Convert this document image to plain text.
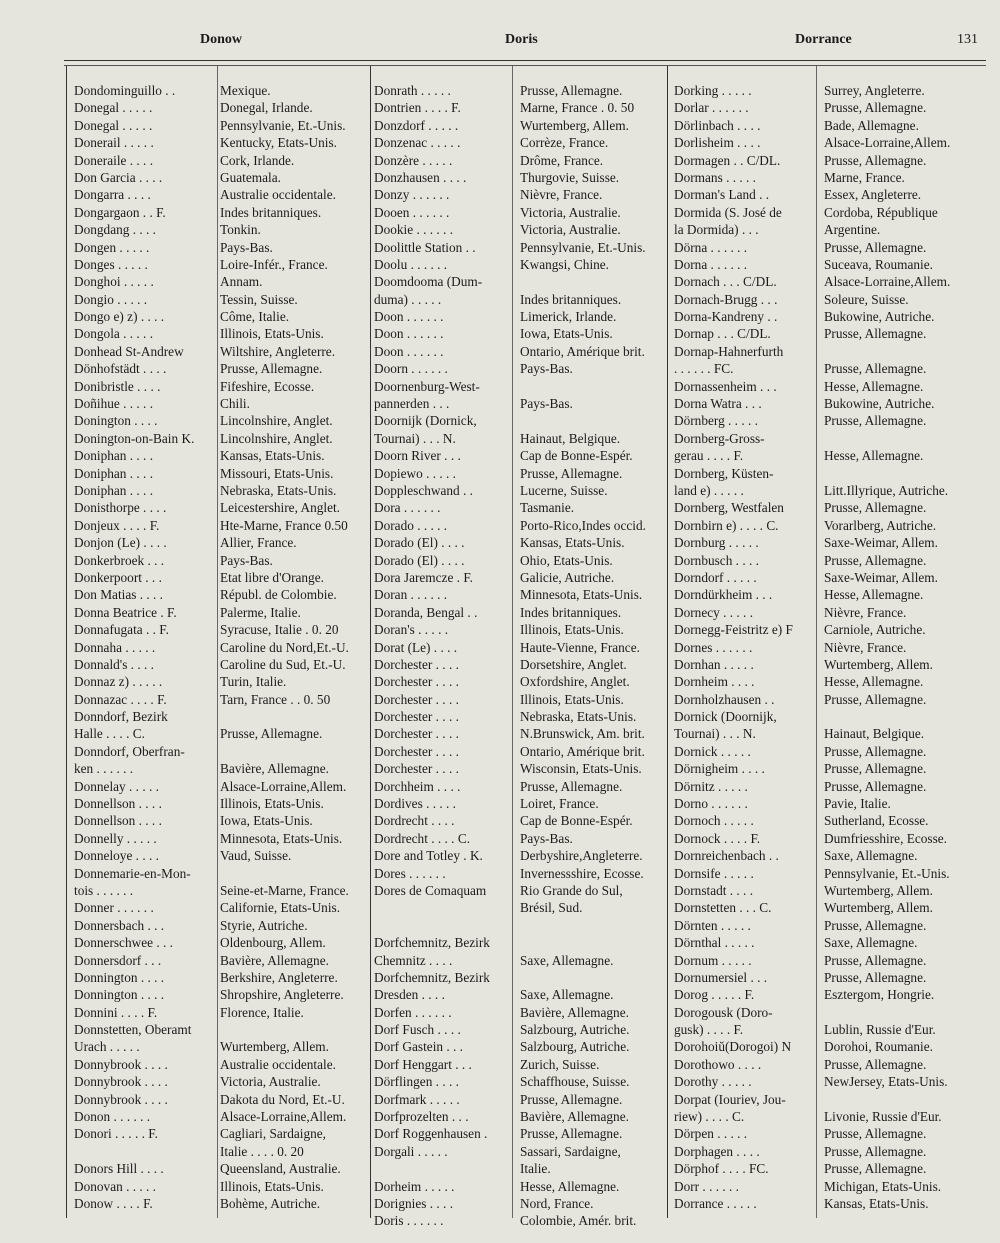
Donow	Doris	Dorrance	131
Dondominguillo . .	Mexique.
Donegal . . . . .	Donegal, Irlande.
Donegal . . . . .	Pennsylvanie, Et.-Unis.
Donerail . . . . .	Kentucky, Etats-Unis.
Doneraile . . . .	Cork, Irlande.
Don Garcia . . . .	Guatemala.
Dongarra . . . .	Australie occidentale.
Dongargaon . . F.	Indes britanniques.
Dongdang . . . .	Tonkin.
Dongen . . . . .	Pays-Bas.
Donges . . . . .	Loire-Infér., France.
Donghoi . . . . .	Annam.
Dongio . . . . .	Tessin, Suisse.
Dongo e) z) . . . .	Côme, Italie.
Dongola . . . . .	Illinois, Etats-Unis.
Donhead St-Andrew	Wiltshire, Angleterre.
Dönhofstädt . . . .	Prusse, Allemagne.
Donibristle . . . .	Fifeshire, Ecosse.
Doñihue . . . . .	Chili.
Donington . . . .	Lincolnshire, Anglet.
Donington-on-Bain K.	Lincolnshire, Anglet.
Doniphan . . . .	Kansas, Etats-Unis.
Doniphan . . . .	Missouri, Etats-Unis.
Doniphan . . . .	Nebraska, Etats-Unis.
Donisthorpe . . . .	Leicestershire, Anglet.
Donjeux . . . . F.	Hte-Marne, France 0.50
Donjon (Le) . . . .	Allier, France.
Donkerbroek . . .	Pays-Bas.
Donkerpoort . . .	Etat libre d'Orange.
Don Matias . . . .	Républ. de Colombie.
Donna Beatrice . F.	Palerme, Italie.
Donnafugata . . F.	Syracuse, Italie . 0. 20
Donnaha . . . . .	Caroline du Nord,Et.-U.
Donnald's . . . .	Caroline du Sud, Et.-U.
Donnaz z) . . . . .	Turin, Italie.
Donnazac . . . . F.	Tarn, France . . 0. 50
Donndorf, Bezirk
Halle . . . . C.	Prusse, Allemagne.
Donndorf, Oberfran-
ken . . . . . .	Bavière, Allemagne.
Donnelay . . . . .	Alsace-Lorraine,Allem.
Donnellson . . . .	Illinois, Etats-Unis.
Donnellson . . . .	Iowa, Etats-Unis.
Donnelly . . . . .	Minnesota, Etats-Unis.
Donneloye . . . .	Vaud, Suisse.
Donnemarie-en-Mon-
tois . . . . . .	Seine-et-Marne, France.
Donner . . . . . .	Californie, Etats-Unis.
Donnersbach . . .	Styrie, Autriche.
Donnerschwee . . .	Oldenbourg, Allem.
Donnersdorf . . .	Bavière, Allemagne.
Donnington . . . .	Berkshire, Angleterre.
Donnington . . . .	Shropshire, Angleterre.
Donnini . . . . F.	Florence, Italie.
Donnstetten, Oberamt
Urach . . . . .	Wurtemberg, Allem.
Donnybrook . . . .	Australie occidentale.
Donnybrook . . . .	Victoria, Australie.
Donnybrook . . . .	Dakota du Nord, Et.-U.
Donon . . . . . .	Alsace-Lorraine,Allem.
Donori . . . . . F.	Cagliari, Sardaigne,
Italie . . . . 0. 20
Donors Hill . . . .	Queensland, Australie.
Donovan . . . . .	Illinois, Etats-Unis.
Donow . . . . F.	Bohème, Autriche.
Donrath . . . . .	Prusse, Allemagne.
Dontrien . . . . F.	Marne, France . 0. 50
Donzdorf . . . . .	Wurtemberg, Allem.
Donzenac . . . . .	Corrèze, France.
Donzère . . . . .	Drôme, France.
Donzhausen . . . .	Thurgovie, Suisse.
Donzy . . . . . .	Nièvre, France.
Dooen . . . . . .	Victoria, Australie.
Dookie . . . . . .	Victoria, Australie.
Doolittle Station . .	Pennsylvanie, Et.-Unis.
Doolu . . . . . .	Kwangsi, Chine.
Doomdooma (Dum-
duma) . . . . .	Indes britanniques.
Doon . . . . . .	Limerick, Irlande.
Doon . . . . . .	Iowa, Etats-Unis.
Doon . . . . . .	Ontario, Amérique brit.
Doorn . . . . . .	Pays-Bas.
Doornenburg-West-
pannerden . . .	Pays-Bas.
Doornijk (Dornick,
Tournai) . . . N.	Hainaut, Belgique.
Doorn River . . .	Cap de Bonne-Espér.
Dopiewo . . . . .	Prusse, Allemagne.
Doppleschwand . .	Lucerne, Suisse.
Dora . . . . . .	Tasmanie.
Dorado . . . . .	Porto-Rico,Indes occid.
Dorado (El) . . . .	Kansas, Etats-Unis.
Dorado (El) . . . .	Ohio, Etats-Unis.
Dora Jaremcze . F.	Galicie, Autriche.
Doran . . . . . .	Minnesota, Etats-Unis.
Doranda, Bengal . .	Indes britanniques.
Doran's . . . . .	Illinois, Etats-Unis.
Dorat (Le) . . . .	Haute-Vienne, France.
Dorchester . . . .	Dorsetshire, Anglet.
Dorchester . . . .	Oxfordshire, Anglet.
Dorchester . . . .	Illinois, Etats-Unis.
Dorchester . . . .	Nebraska, Etats-Unis.
Dorchester . . . .	N.Brunswick, Am. brit.
Dorchester . . . .	Ontario, Amérique brit.
Dorchester . . . .	Wisconsin, Etats-Unis.
Dorchheim . . . .	Prusse, Allemagne.
Dordives . . . . .	Loiret, France.
Dordrecht . . . .	Cap de Bonne-Espér.
Dordrecht . . . . C.	Pays-Bas.
Dore and Totley . K.	Derbyshire,Angleterre.
Dores . . . . . .	Invernessshire, Ecosse.
Dores de Comaquam	Rio Grande do Sul,
Brésil, Sud.
Dorfchemnitz, Bezirk
Chemnitz . . . .	Saxe, Allemagne.
Dorfchemnitz, Bezirk
Dresden . . . .	Saxe, Allemagne.
Dorfen . . . . . .	Bavière, Allemagne.
Dorf Fusch . . . .	Salzbourg, Autriche.
Dorf Gastein . . .	Salzbourg, Autriche.
Dorf Henggart . . .	Zurich, Suisse.
Dörflingen . . . .	Schaffhouse, Suisse.
Dorfmark . . . . .	Prusse, Allemagne.
Dorfprozelten . . .	Bavière, Allemagne.
Dorf Roggenhausen .	Prusse, Allemagne.
Dorgali . . . . .	Sassari, Sardaigne,
Italie.
Dorheim . . . . .	Hesse, Allemagne.
Dorignies . . . .	Nord, France.
Doris . . . . . .	Colombie, Amér. brit.
Dorking . . . . .	Surrey, Angleterre.
Dorlar . . . . . .	Prusse, Allemagne.
Dörlinbach . . . .	Bade, Allemagne.
Dorlisheim . . . .	Alsace-Lorraine,Allem.
Dormagen . . C/DL.	Prusse, Allemagne.
Dormans . . . . .	Marne, France.
Dorman's Land . .	Essex, Angleterre.
Dormida (S. José de	Cordoba, République
la Dormida) . . .	Argentine.
Dörna . . . . . .	Prusse, Allemagne.
Dorna . . . . . .	Suceava, Roumanie.
Dornach . . . C/DL.	Alsace-Lorraine,Allem.
Dornach-Brugg . . .	Soleure, Suisse.
Dorna-Kandreny . .	Bukowine, Autriche.
Dornap . . . C/DL.	Prusse, Allemagne.
Dornap-Hahnerfurth
. . . . . . FC.	Prusse, Allemagne.
Dornassenheim . . .	Hesse, Allemagne.
Dorna Watra . . .	Bukowine, Autriche.
Dörnberg . . . . .	Prusse, Allemagne.
Dornberg-Gross-
gerau . . . . F.	Hesse, Allemagne.
Dornberg, Küsten-
land e) . . . . .	Litt.Illyrique, Autriche.
Dornberg, Westfalen	Prusse, Allemagne.
Dornbirn e) . . . . C.	Vorarlberg, Autriche.
Dornburg . . . . .	Saxe-Weimar, Allem.
Dornbusch . . . .	Prusse, Allemagne.
Dorndorf . . . . .	Saxe-Weimar, Allem.
Dorndürkheim . . .	Hesse, Allemagne.
Dornecy . . . . .	Nièvre, France.
Dornegg-Feistritz e) F	Carniole, Autriche.
Dornes . . . . . .	Nièvre, France.
Dornhan . . . . .	Wurtemberg, Allem.
Dornheim . . . .	Hesse, Allemagne.
Dornholzhausen . .	Prusse, Allemagne.
Dornick (Doornijk,
Tournai) . . . N.	Hainaut, Belgique.
Dornick . . . . .	Prusse, Allemagne.
Dörnigheim . . . .	Prusse, Allemagne.
Dörnitz . . . . .	Prusse, Allemagne.
Dorno . . . . . .	Pavie, Italie.
Dornoch . . . . .	Sutherland, Ecosse.
Dornock . . . . F.	Dumfriesshire, Ecosse.
Dornreichenbach . .	Saxe, Allemagne.
Dornsife . . . . .	Pennsylvanie, Et.-Unis.
Dornstadt . . . .	Wurtemberg, Allem.
Dornstetten . . . C.	Wurtemberg, Allem.
Dörnten . . . . .	Prusse, Allemagne.
Dörnthal . . . . .	Saxe, Allemagne.
Dornum . . . . .	Prusse, Allemagne.
Dornumersiel . . .	Prusse, Allemagne.
Dorog . . . . . F.	Esztergom, Hongrie.
Dorogousk (Doro-
gusk) . . . . F.	Lublin, Russie d'Eur.
Dorohoiŭ(Dorogoi) N	Dorohoi, Roumanie.
Dorothowo . . . .	Prusse, Allemagne.
Dorothy . . . . .	NewJersey, Etats-Unis.
Dorpat (Iouriev, Jou-
riew) . . . . C.	Livonie, Russie d'Eur.
Dörpen . . . . .	Prusse, Allemagne.
Dorphagen . . . .	Prusse, Allemagne.
Dörphof . . . . FC.	Prusse, Allemagne.
Dorr . . . . . .	Michigan, Etats-Unis.
Dorrance . . . . .	Kansas, Etats-Unis.
